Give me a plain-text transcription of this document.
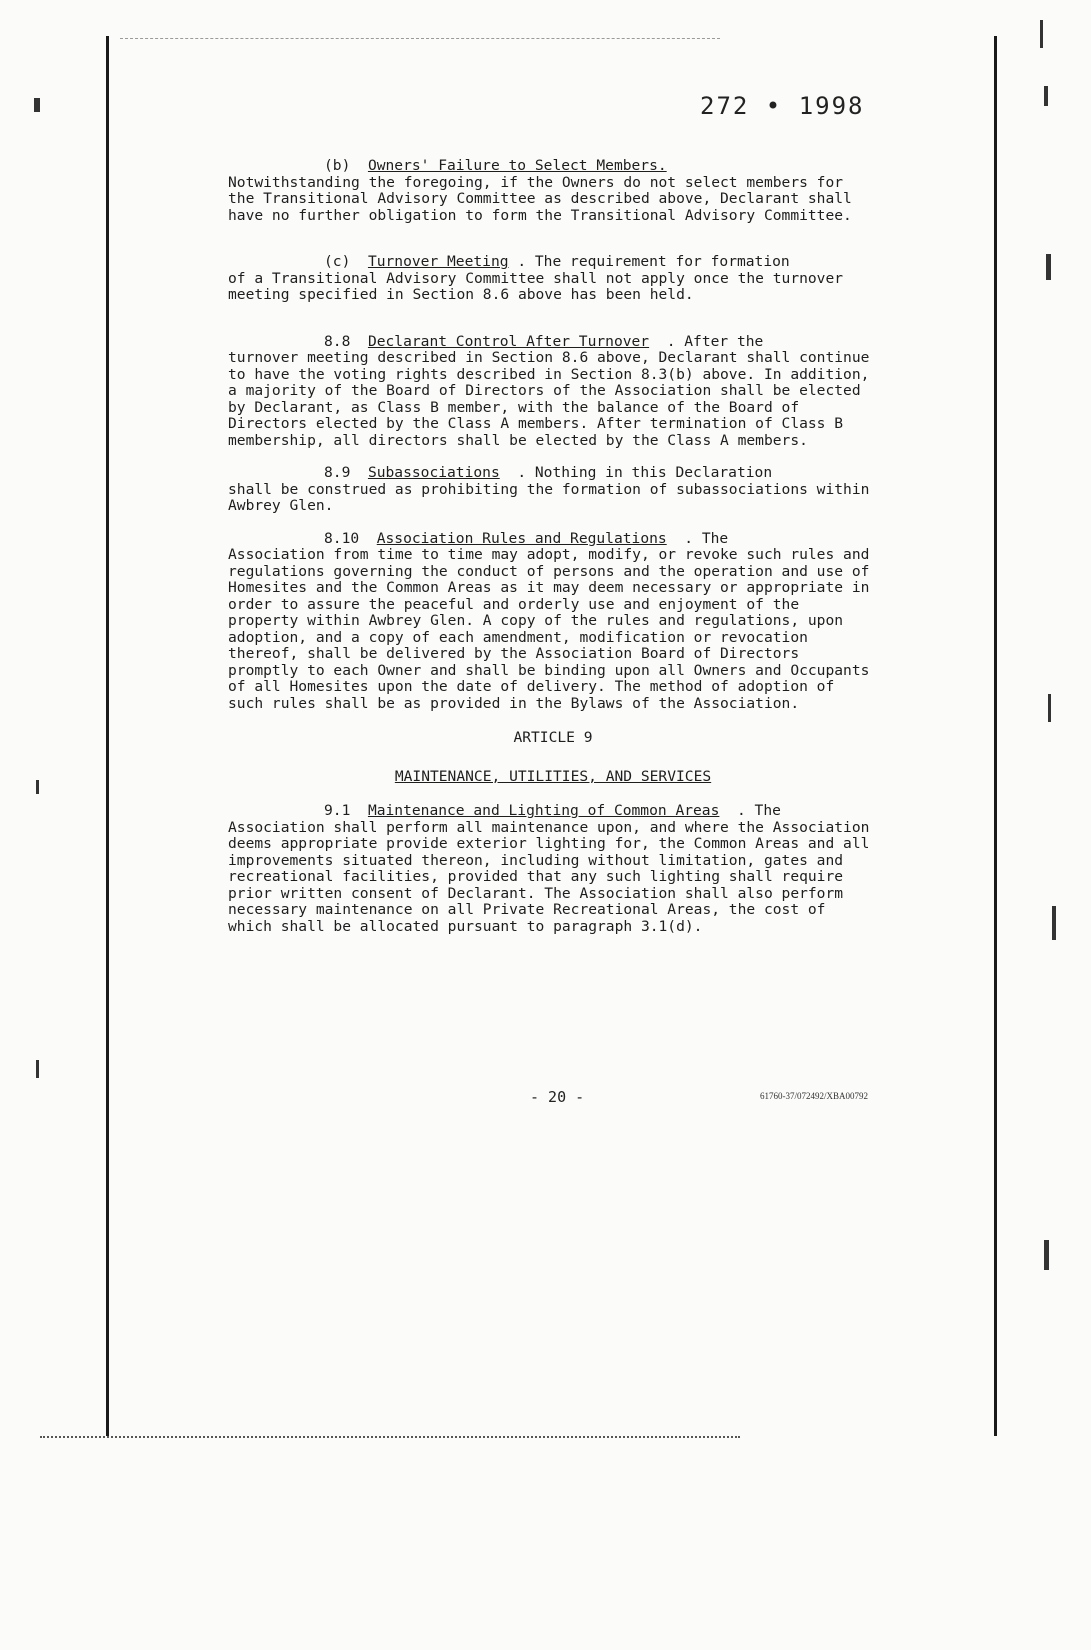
272 • 1998

(b) Owners' Failure to Select Members.
Notwithstanding the foregoing, if the Owners do not select members for the Transitional Advisory Committee as described above, Declarant shall have no further obligation to form the Transitional Advisory Committee.

(c) Turnover Meeting . The requirement for formation
of a Transitional Advisory Committee shall not apply once the turnover meeting specified in Section 8.6 above has been held.

8.8 Declarant Control After Turnover . After the
turnover meeting described in Section 8.6 above, Declarant shall continue to have the voting rights described in Section 8.3(b) above. In addition, a majority of the Board of Directors of the Association shall be elected by Declarant, as Class B member, with the balance of the Board of Directors elected by the Class A members. After termination of Class B membership, all directors shall be elected by the Class A members.

8.9 Subassociations . Nothing in this Declaration
shall be construed as prohibiting the formation of subassociations within Awbrey Glen.

8.10 Association Rules and Regulations . The
Association from time to time may adopt, modify, or revoke such rules and regulations governing the conduct of persons and the operation and use of Homesites and the Common Areas as it may deem necessary or appropriate in order to assure the peaceful and orderly use and enjoyment of the property within Awbrey Glen. A copy of the rules and regulations, upon adoption, and a copy of each amendment, modification or revocation thereof, shall be delivered by the Association Board of Directors promptly to each Owner and shall be binding upon all Owners and Occupants of all Homesites upon the date of delivery. The method of adoption of such rules shall be as provided in the Bylaws of the Association.

ARTICLE 9
MAINTENANCE, UTILITIES, AND SERVICES

9.1 Maintenance and Lighting of Common Areas . The
Association shall perform all maintenance upon, and where the Association deems appropriate provide exterior lighting for, the Common Areas and all improvements situated thereon, including without limitation, gates and recreational facilities, provided that any such lighting shall require prior written consent of Declarant. The Association shall also perform necessary maintenance on all Private Recreational Areas, the cost of which shall be allocated pursuant to paragraph 3.1(d).

- 20 -	61760-37/072492/XBA00792
